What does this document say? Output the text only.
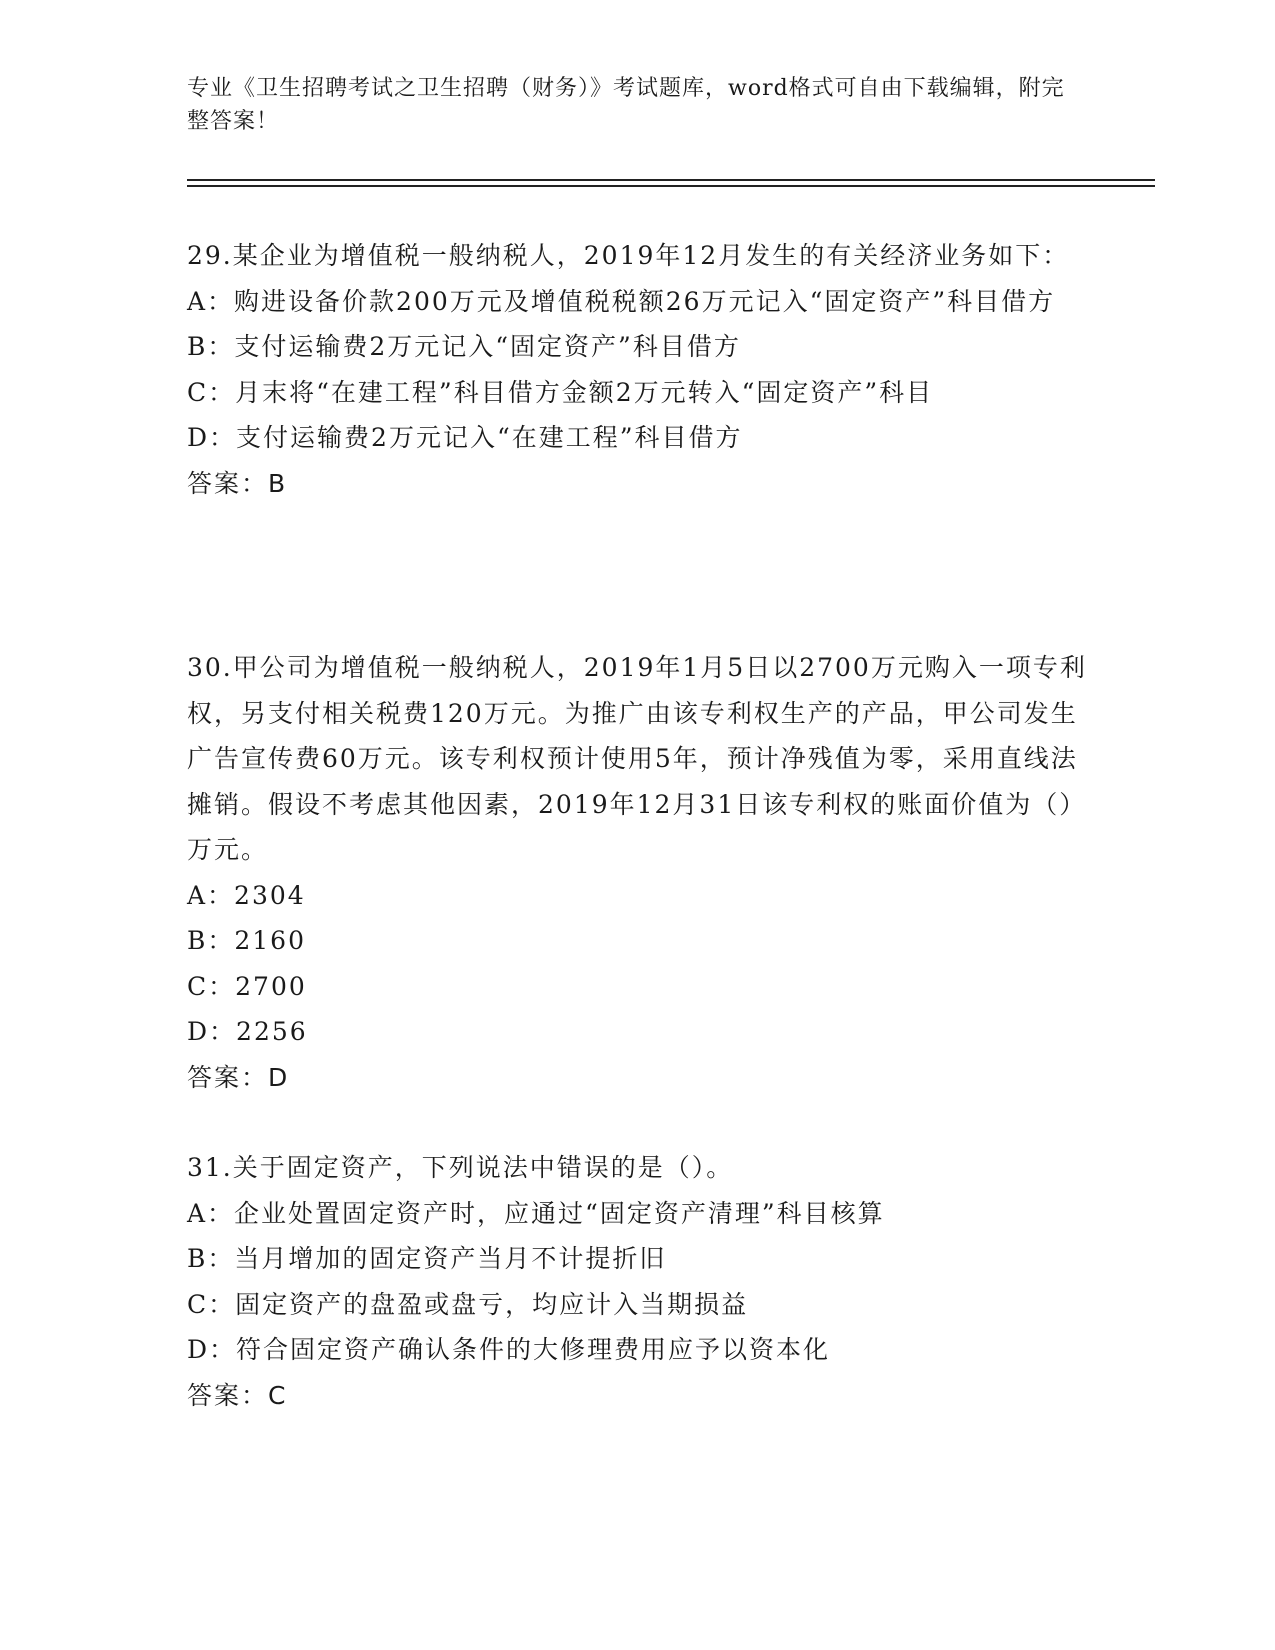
专业《卫生招聘考试之卫生招聘（财务）》考试题库，word格式可自由下载编辑，附完整答案！

29.某企业为增值税一般纳税人，2019年12月发生的有关经济业务如下：

A：购进设备价款200万元及增值税税额26万元记入“固定资产”科目借方

B：支付运输费2万元记入“固定资产”科目借方

C：月末将“在建工程”科目借方金额2万元转入“固定资产”科目

D：支付运输费2万元记入“在建工程”科目借方

答案：B

30.甲公司为增值税一般纳税人，2019年1月5日以2700万元购入一项专利权，另支付相关税费120万元。为推广由该专利权生产的产品，甲公司发生广告宣传费60万元。该专利权预计使用5年，预计净残值为零，采用直线法摊销。假设不考虑其他因素，2019年12月31日该专利权的账面价值为（）万元。

A：2304

B：2160

C：2700

D：2256

答案：D

31.关于固定资产，下列说法中错误的是（）。

A：企业处置固定资产时，应通过“固定资产清理”科目核算

B：当月增加的固定资产当月不计提折旧

C：固定资产的盘盈或盘亏，均应计入当期损益

D：符合固定资产确认条件的大修理费用应予以资本化

答案：C
